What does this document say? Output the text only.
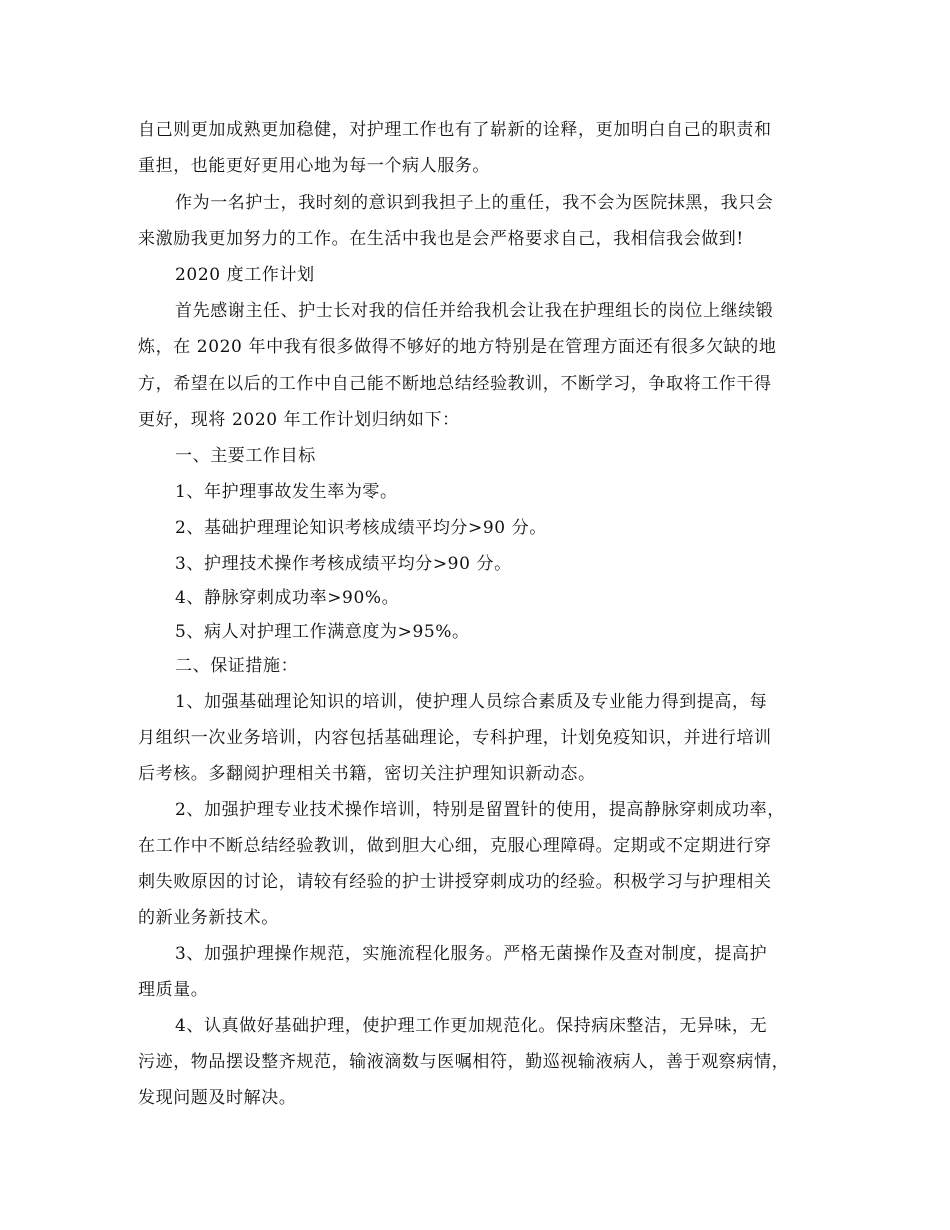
自己则更加成熟更加稳健，对护理工作也有了崭新的诠释，更加明白自己的职责和
重担，也能更好更用心地为每一个病人服务。
作为一名护士，我时刻的意识到我担子上的重任，我不会为医院抹黑，我只会
来激励我更加努力的工作。在生活中我也是会严格要求自己，我相信我会做到!
2020 度工作计划
首先感谢主任、护士长对我的信任并给我机会让我在护理组长的岗位上继续锻
炼，在 2020 年中我有很多做得不够好的地方特别是在管理方面还有很多欠缺的地
方，希望在以后的工作中自己能不断地总结经验教训，不断学习，争取将工作干得
更好，现将 2020 年工作计划归纳如下：
一、主要工作目标
1、年护理事故发生率为零。
2、基础护理理论知识考核成绩平均分>90 分。
3、护理技术操作考核成绩平均分>90 分。
4、静脉穿刺成功率>90%。
5、病人对护理工作满意度为>95%。
二、保证措施：
1、加强基础理论知识的培训，使护理人员综合素质及专业能力得到提高，每
月组织一次业务培训，内容包括基础理论，专科护理，计划免疫知识，并进行培训
后考核。多翻阅护理相关书籍，密切关注护理知识新动态。
2、加强护理专业技术操作培训，特别是留置针的使用，提高静脉穿刺成功率，
在工作中不断总结经验教训，做到胆大心细，克服心理障碍。定期或不定期进行穿
刺失败原因的讨论，请较有经验的护士讲授穿刺成功的经验。积极学习与护理相关
的新业务新技术。
3、加强护理操作规范，实施流程化服务。严格无菌操作及查对制度，提高护
理质量。
4、认真做好基础护理，使护理工作更加规范化。保持病床整洁，无异味，无
污迹，物品摆设整齐规范，输液滴数与医嘱相符，勤巡视输液病人，善于观察病情，
发现问题及时解决。
